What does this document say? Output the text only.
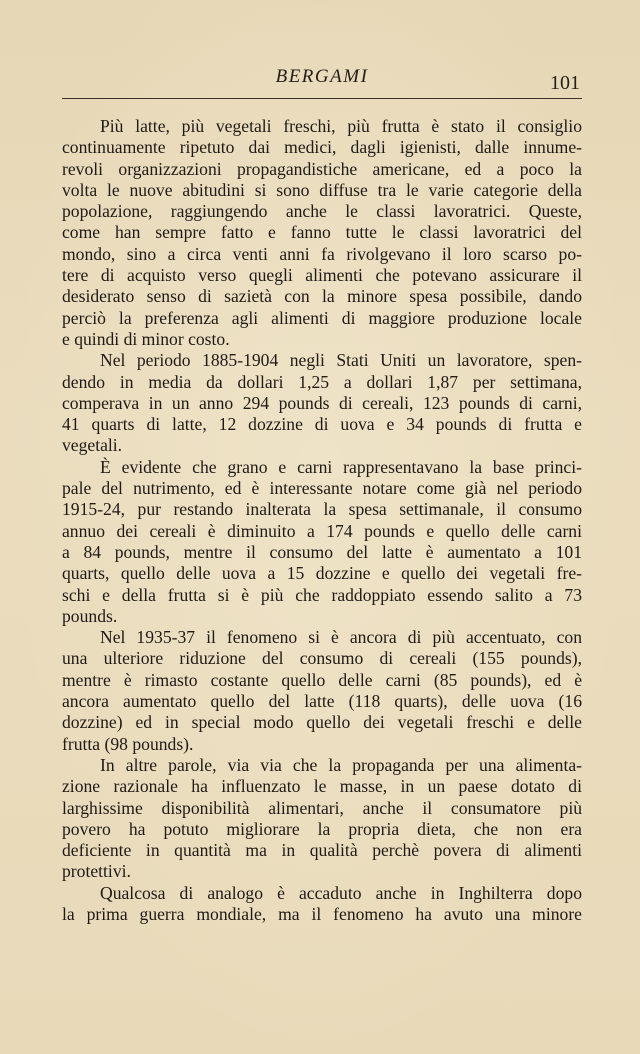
BERGAMI	101

Più latte, più vegetali freschi, più frutta è stato il consiglio
continuamente ripetuto dai medici, dagli igienisti, dalle innume-
revoli organizzazioni propagandistiche americane, ed a poco la
volta le nuove abitudini si sono diffuse tra le varie categorie della
popolazione, raggiungendo anche le classi lavoratrici. Queste,
come han sempre fatto e fanno tutte le classi lavoratrici del
mondo, sino a circa venti anni fa rivolgevano il loro scarso po-
tere di acquisto verso quegli alimenti che potevano assicurare il
desiderato senso di sazietà con la minore spesa possibile, dando
perciò la preferenza agli alimenti di maggiore produzione locale
e quindi di minor costo.

Nel periodo 1885-1904 negli Stati Uniti un lavoratore, spen-
dendo in media da dollari 1,25 a dollari 1,87 per settimana,
comperava in un anno 294 pounds di cereali, 123 pounds di carni,
41 quarts di latte, 12 dozzine di uova e 34 pounds di frutta e
vegetali.

È evidente che grano e carni rappresentavano la base princi-
pale del nutrimento, ed è interessante notare come già nel periodo
1915-24, pur restando inalterata la spesa settimanale, il consumo
annuo dei cereali è diminuito a 174 pounds e quello delle carni
a 84 pounds, mentre il consumo del latte è aumentato a 101
quarts, quello delle uova a 15 dozzine e quello dei vegetali fre-
schi e della frutta si è più che raddoppiato essendo salito a 73
pounds.

Nel 1935-37 il fenomeno si è ancora di più accentuato, con
una ulteriore riduzione del consumo di cereali (155 pounds),
mentre è rimasto costante quello delle carni (85 pounds), ed è
ancora aumentato quello del latte (118 quarts), delle uova (16
dozzine) ed in special modo quello dei vegetali freschi e delle
frutta (98 pounds).

In altre parole, via via che la propaganda per una alimenta-
zione razionale ha influenzato le masse, in un paese dotato di
larghissime disponibilità alimentari, anche il consumatore più
povero ha potuto migliorare la propria dieta, che non era
deficiente in quantità ma in qualità perchè povera di alimenti
protettivi.

Qualcosa di analogo è accaduto anche in Inghilterra dopo
la prima guerra mondiale, ma il fenomeno ha avuto una minore
